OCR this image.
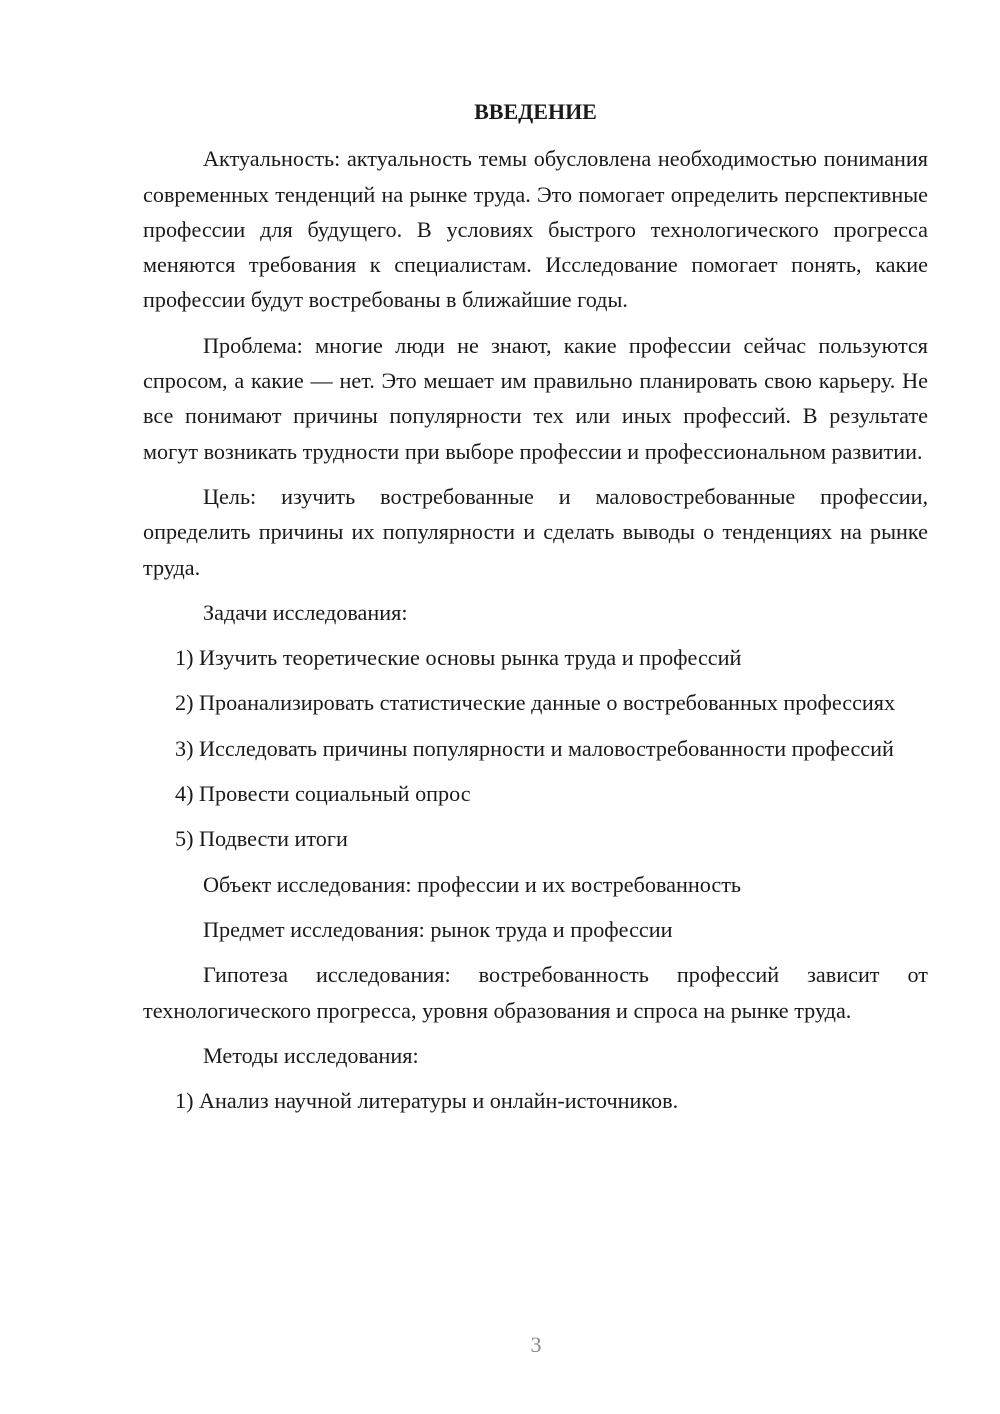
ВВЕДЕНИЕ

Актуальность: актуальность темы обусловлена необходимостью понимания современных тенденций на рынке труда. Это помогает определить перспективные профессии для будущего. В условиях быстрого технологического прогресса меняются требования к специалистам. Исследование помогает понять, какие профессии будут востребованы в ближайшие годы.

Проблема: многие люди не знают, какие профессии сейчас пользуются спросом, а какие — нет. Это мешает им правильно планировать свою карьеру. Не все понимают причины популярности тех или иных профессий. В результате могут возникать трудности при выборе профессии и профессиональном развитии.

Цель: изучить востребованные и маловостребованные профессии, определить причины их популярности и сделать выводы о тенденциях на рынке труда.

Задачи исследования:

1) Изучить теоретические основы рынка труда и профессий

2) Проанализировать статистические данные о востребованных профессиях

3) Исследовать причины популярности и маловостребованности профессий

4) Провести социальный опрос

5) Подвести итоги

Объект исследования: профессии и их востребованность

Предмет исследования: рынок труда и профессии

Гипотеза исследования: востребованность профессий зависит от технологического прогресса, уровня образования и спроса на рынке труда.

Методы исследования:

1) Анализ научной литературы и онлайн-источников.

3
